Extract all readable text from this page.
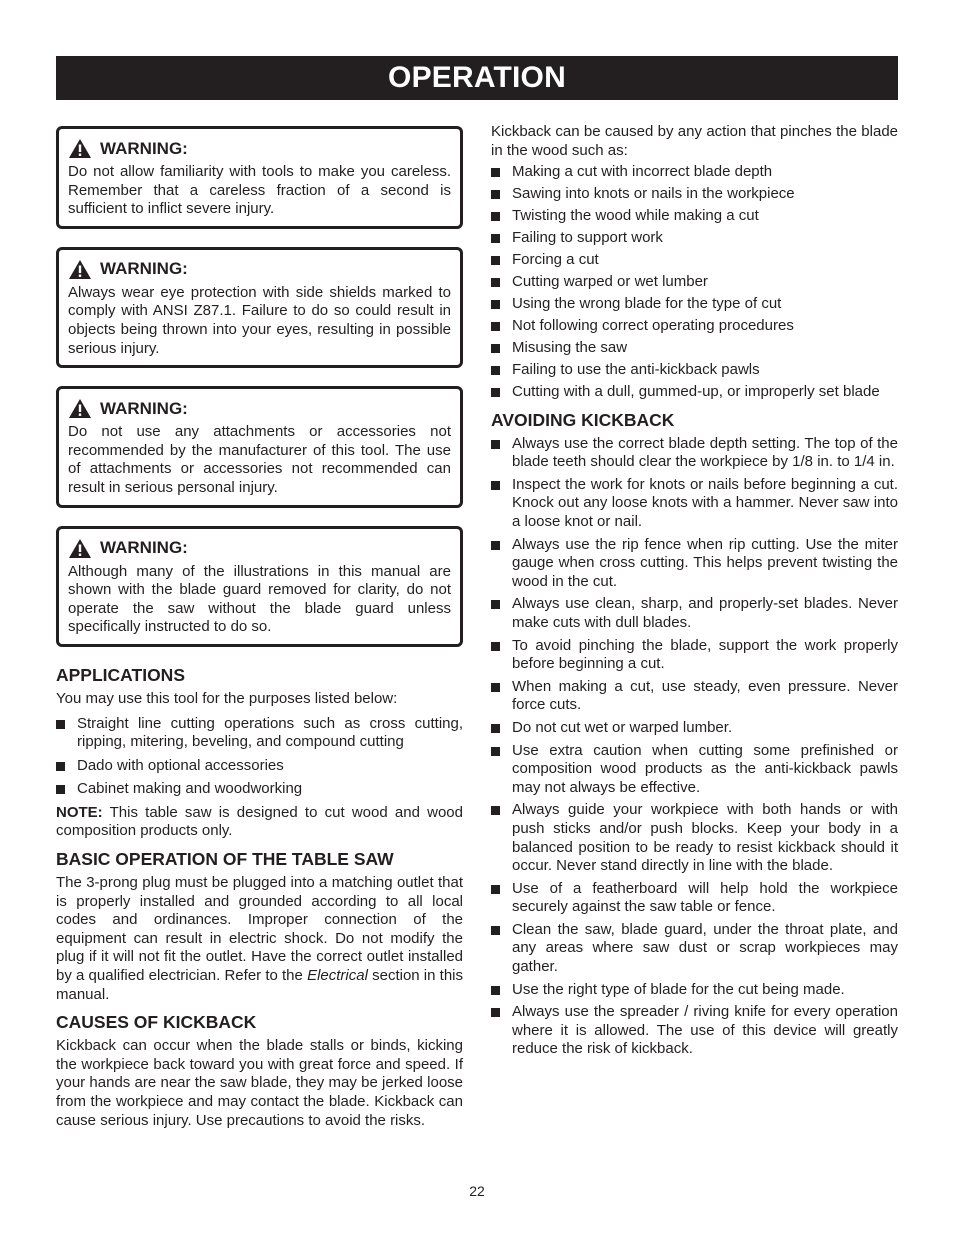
OPERATION
WARNING:
Do not allow familiarity with tools to make you careless. Remember that a careless fraction of a second is sufficient to inflict severe injury.
WARNING:
Always wear eye protection with side shields marked to comply with ANSI Z87.1. Failure to do so could result in objects being thrown into your eyes, resulting in possible serious injury.
WARNING:
Do not use any attachments or accessories not recommended by the manufacturer of this tool. The use of attachments or accessories not recommended can result in serious personal injury.
WARNING:
Although many of the illustrations in this manual are shown with the blade guard removed for clarity, do not operate the saw without the blade guard unless specifically instructed to do so.
APPLICATIONS

You may use this tool for the purposes listed below:

Straight line cutting operations such as cross cutting, ripping, mitering, beveling, and compound cutting
Dado with optional accessories
Cabinet making and woodworking

NOTE: This table saw is designed to cut wood and wood composition products only.

BASIC OPERATION OF THE TABLE SAW

The 3-prong plug must be plugged into a matching outlet that is properly installed and grounded according to all local codes and ordinances. Improper connection of the equipment can result in electric shock. Do not modify the plug if it will not fit the outlet. Have the correct outlet installed by a qualified electrician. Refer to the Electrical section in this manual.

CAUSES OF KICKBACK

Kickback can occur when the blade stalls or binds, kicking the workpiece back toward you with great force and speed. If your hands are near the saw blade, they may be jerked loose from the workpiece and may contact the blade. Kickback can cause serious injury. Use precautions to avoid the risks.

Kickback can be caused by any action that pinches the blade in the wood such as:

Making a cut with incorrect blade depth
Sawing into knots or nails in the workpiece
Twisting the wood while making a cut
Failing to support work
Forcing a cut
Cutting warped or wet lumber
Using the wrong blade for the type of cut
Not following correct operating procedures
Misusing the saw
Failing to use the anti-kickback pawls
Cutting with a dull, gummed-up, or improperly set blade
AVOIDING KICKBACK
Always use the correct blade depth setting. The top of the blade teeth should clear the workpiece by 1/8 in. to 1/4 in.
Inspect the work for knots or nails before beginning a cut. Knock out any loose knots with a hammer. Never saw into a loose knot or nail.
Always use the rip fence when rip cutting. Use the miter gauge when cross cutting. This helps prevent twisting the wood in the cut.
Always use clean, sharp, and properly-set blades. Never make cuts with dull blades.
To avoid pinching the blade, support the work properly before beginning a cut.
When making a cut, use steady, even pressure. Never force cuts.
Do not cut wet or warped lumber.
Use extra caution when cutting some prefinished or composition wood products as the anti-kickback pawls may not always be effective.
Always guide your workpiece with both hands or with push sticks and/or push blocks. Keep your body in a balanced position to be ready to resist kickback should it occur. Never stand directly in line with the blade.
Use of a featherboard will help hold the workpiece securely against the saw table or fence.
Clean the saw, blade guard, under the throat plate, and any areas where saw dust or scrap workpieces may gather.
Use the right type of blade for the cut being made.
Always use the spreader / riving knife for every operation where it is allowed. The use of this device will greatly reduce the risk of kickback.
22
